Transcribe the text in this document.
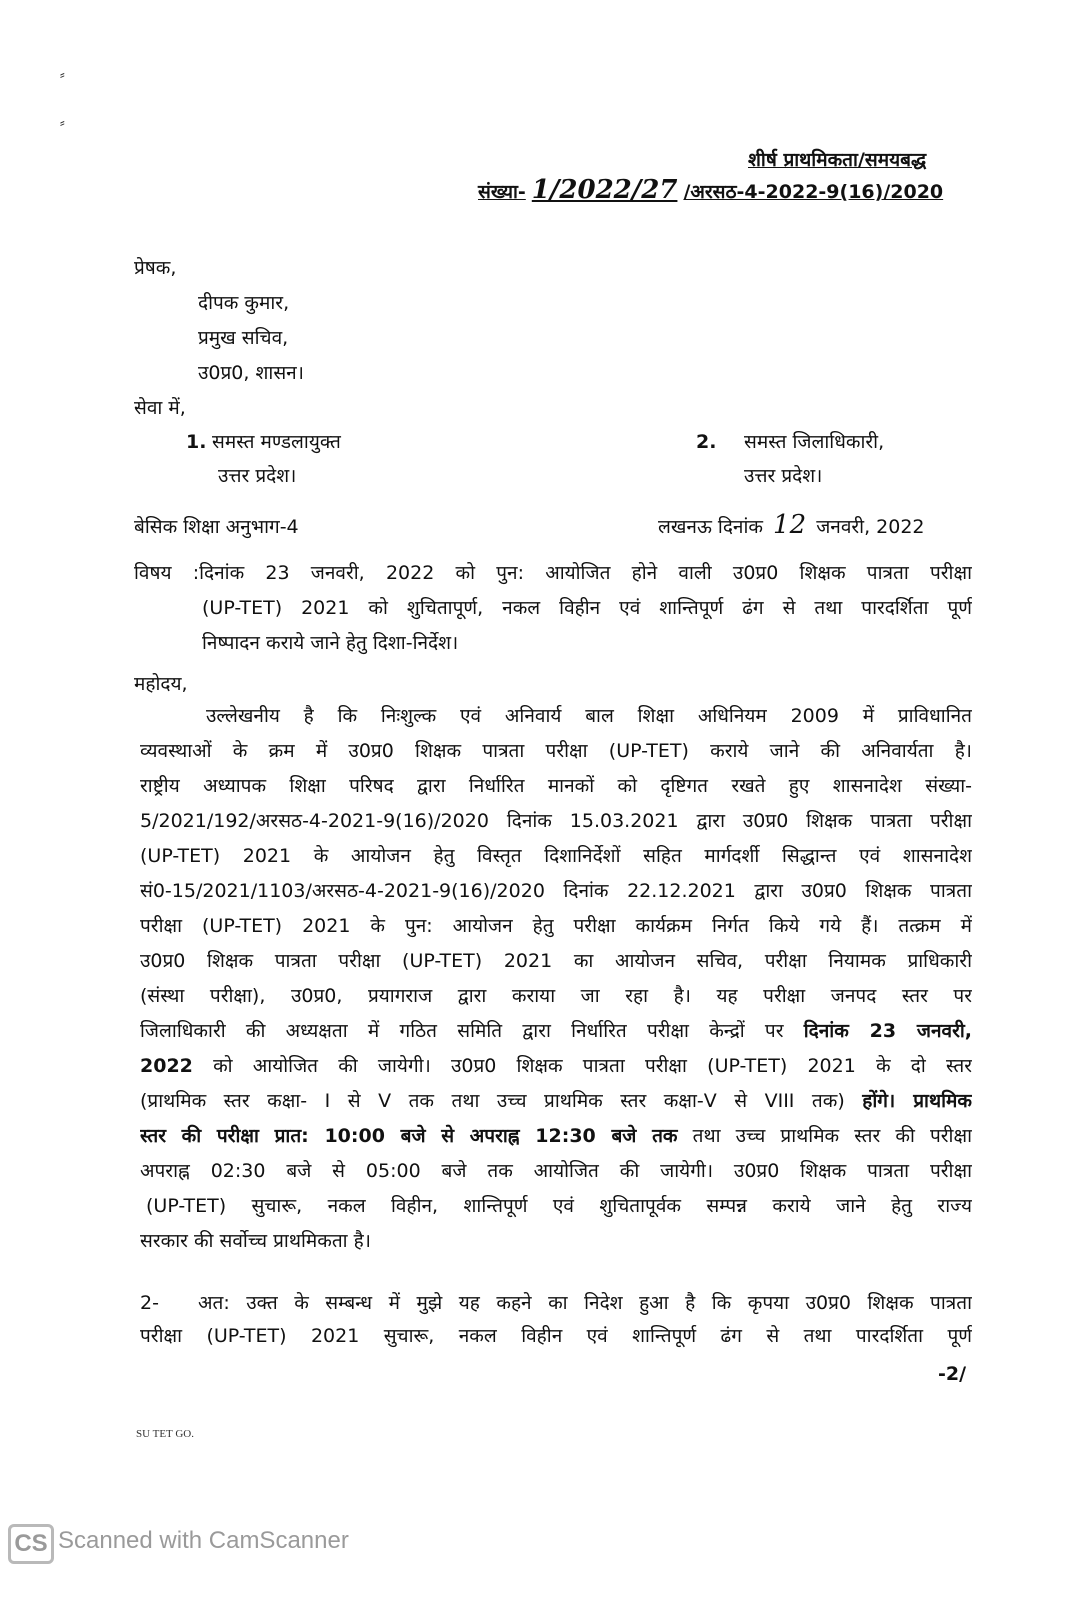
⸗
⸗
शीर्ष प्राथमिकता/समयबद्ध
संख्या- 1/2022/27 /अरसठ-4-2022-9(16)/2020
प्रेषक,
दीपक कुमार,
प्रमुख सचिव,
उ0प्र0, शासन।
सेवा में,
1. समस्त मण्डलायुक्त
उत्तर प्रदेश।
2. समस्त जिलाधिकारी,
उत्तर प्रदेश।
बेसिक शिक्षा अनुभाग-4	लखनऊ दिनांक 12 जनवरी, 2022
विषय :दिनांक 23 जनवरी, 2022 को पुन: आयोजित होने वाली उ0प्र0 शिक्षक पात्रता परीक्षा
(UP-TET) 2021 को शुचितापूर्ण, नकल विहीन एवं शान्तिपूर्ण ढंग से तथा पारदर्शिता पूर्ण
निष्पादन कराये जाने हेतु दिशा-निर्देश।
महोदय,
उल्लेखनीय है कि निःशुल्क एवं अनिवार्य बाल शिक्षा अधिनियम 2009 में प्राविधानित
व्यवस्थाओं के क्रम में उ0प्र0 शिक्षक पात्रता परीक्षा (UP-TET) कराये जाने की अनिवार्यता है।
राष्ट्रीय अध्यापक शिक्षा परिषद द्वारा निर्धारित मानकों को दृष्टिगत रखते हुए शासनादेश संख्या-
5/2021/192/अरसठ-4-2021-9(16)/2020 दिनांक 15.03.2021 द्वारा उ0प्र0 शिक्षक पात्रता परीक्षा
(UP-TET) 2021 के आयोजन हेतु विस्तृत दिशानिर्देशों सहित मार्गदर्शी सिद्धान्त एवं शासनादेश
सं0-15/2021/1103/अरसठ-4-2021-9(16)/2020 दिनांक 22.12.2021 द्वारा उ0प्र0 शिक्षक पात्रता
परीक्षा (UP-TET) 2021 के पुन: आयोजन हेतु परीक्षा कार्यक्रम निर्गत किये गये हैं। तत्क्रम में
उ0प्र0 शिक्षक पात्रता परीक्षा (UP-TET) 2021 का आयोजन सचिव, परीक्षा नियामक प्राधिकारी
(संस्था परीक्षा), उ0प्र0, प्रयागराज द्वारा कराया जा रहा है। यह परीक्षा जनपद स्तर पर
जिलाधिकारी की अध्यक्षता में गठित समिति द्वारा निर्धारित परीक्षा केन्द्रों पर दिनांक 23 जनवरी,
2022 को आयोजित की जायेगी। उ0प्र0 शिक्षक पात्रता परीक्षा (UP-TET) 2021 के दो स्तर
(प्राथमिक स्तर कक्षा- I से V तक तथा उच्च प्राथमिक स्तर कक्षा-V से VIII तक) होंगे। प्राथमिक
स्तर की परीक्षा प्रात: 10:00 बजे से अपराह्न 12:30 बजे तक तथा उच्च प्राथमिक स्तर की परीक्षा
अपराह्न 02:30 बजे से 05:00 बजे तक आयोजित की जायेगी। उ0प्र0 शिक्षक पात्रता परीक्षा
(UP-TET) सुचारू, नकल विहीन, शान्तिपूर्ण एवं शुचितापूर्वक सम्पन्न कराये जाने हेतु राज्य
सरकार की सर्वोच्च प्राथमिकता है।
2- अत: उक्त के सम्बन्ध में मुझे यह कहने का निदेश हुआ है कि कृपया उ0प्र0 शिक्षक पात्रता
परीक्षा (UP-TET) 2021 सुचारू, नकल विहीन एवं शान्तिपूर्ण ढंग से तथा पारदर्शिता पूर्ण
-2/
SU TET GO.
CS Scanned with CamScanner
